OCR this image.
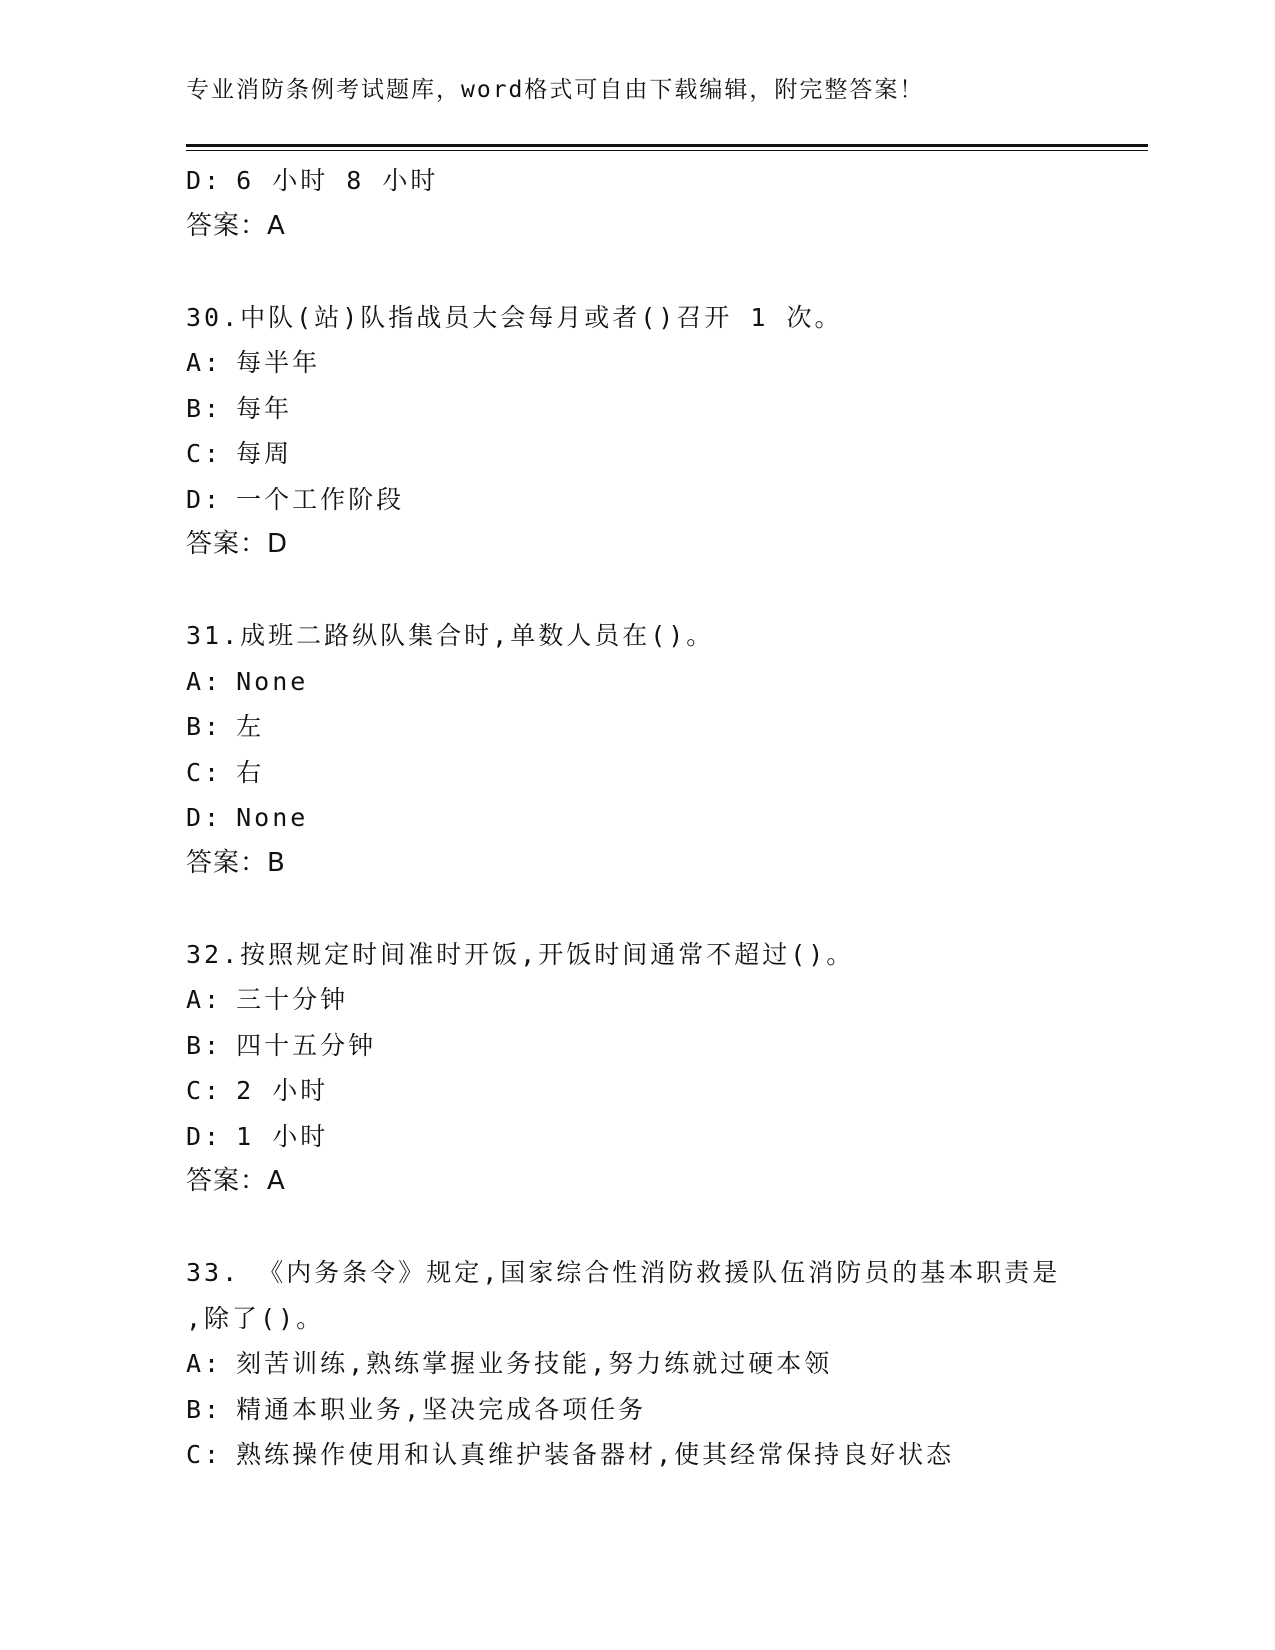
专业消防条例考试题库，word格式可自由下载编辑，附完整答案！
D: 6 小时 8 小时
答案：A
30.中队(站)队指战员大会每月或者()召开 1 次。
A: 每半年
B: 每年
C: 每周
D: 一个工作阶段
答案：D
31.成班二路纵队集合时,单数人员在()。
A: None
B:左
C: 右
D: None
答案：B
32.按照规定时间准时开饭,开饭时间通常不超过()。
A: 三十分钟
B: 四十五分钟
C: 2 小时
D: 1 小时
答案：A
33. 《内务条令》规定,国家综合性消防救援队伍消防员的基本职责是
,除了()。
A:刻苦训练,熟练掌握业务技能,努力练就过硬本领
B:精通本职业务,坚决完成各项任务
C: 熟练操作使用和认真维护装备器材,使其经常保持良好状态
